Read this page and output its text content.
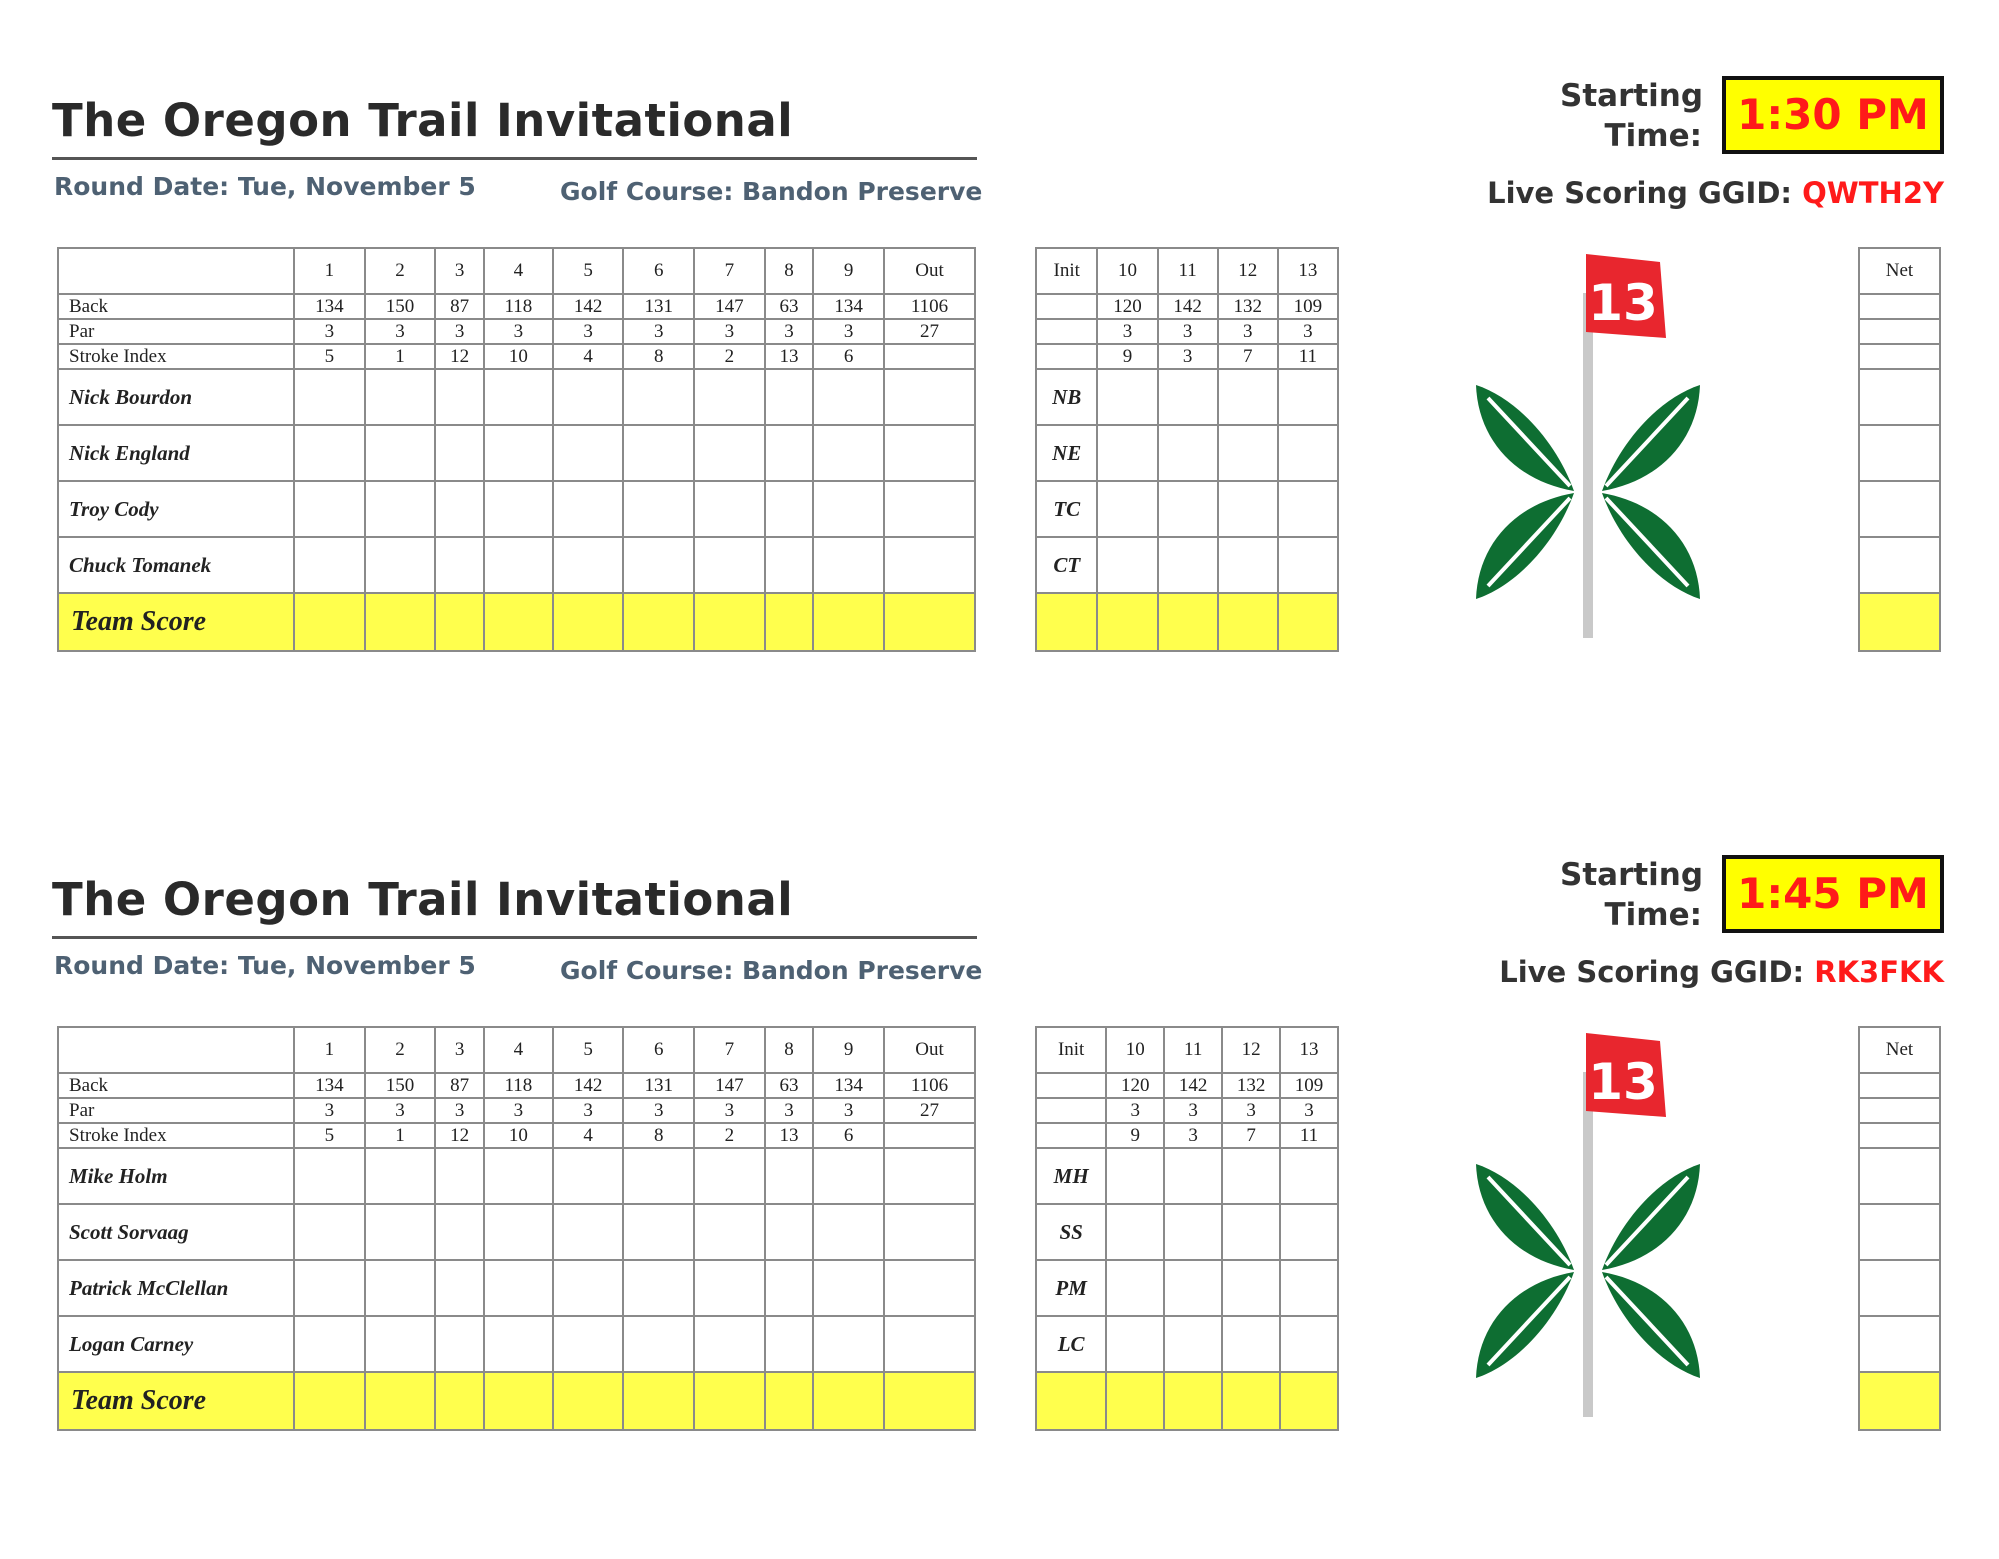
The Oregon Trail Invitational
Round Date: Tue, November 5	Golf Course: Bandon Preserve
Starting
Time: 1:30 PM
Live Scoring GGID: QWTH2Y
	1	2	3	4	5	6	7	8	9	Out
Back	134	150	87	118	142	131	147	63	134	1106
Par	3	3	3	3	3	3	3	3	3	27
Stroke Index	5	1	12	10	4	8	2	13	6	
Nick Bourdon										
Nick England										
Troy Cody										
Chuck Tomanek										
Team Score										
Init	10	11	12	13
	120	142	132	109
	3	3	3	3
	9	3	7	11
NB				
NE				
TC				
CT				

Net

13
The Oregon Trail Invitational
Round Date: Tue, November 5	Golf Course: Bandon Preserve
Starting
Time: 1:45 PM
Live Scoring GGID: RK3FKK
	1	2	3	4	5	6	7	8	9	Out
Back	134	150	87	118	142	131	147	63	134	1106
Par	3	3	3	3	3	3	3	3	3	27
Stroke Index	5	1	12	10	4	8	2	13	6	
Mike Holm										
Scott Sorvaag										
Patrick McClellan										
Logan Carney										
Team Score										
Init	10	11	12	13
	120	142	132	109
	3	3	3	3
	9	3	7	11
MH				
SS				
PM				
LC				

Net

13
